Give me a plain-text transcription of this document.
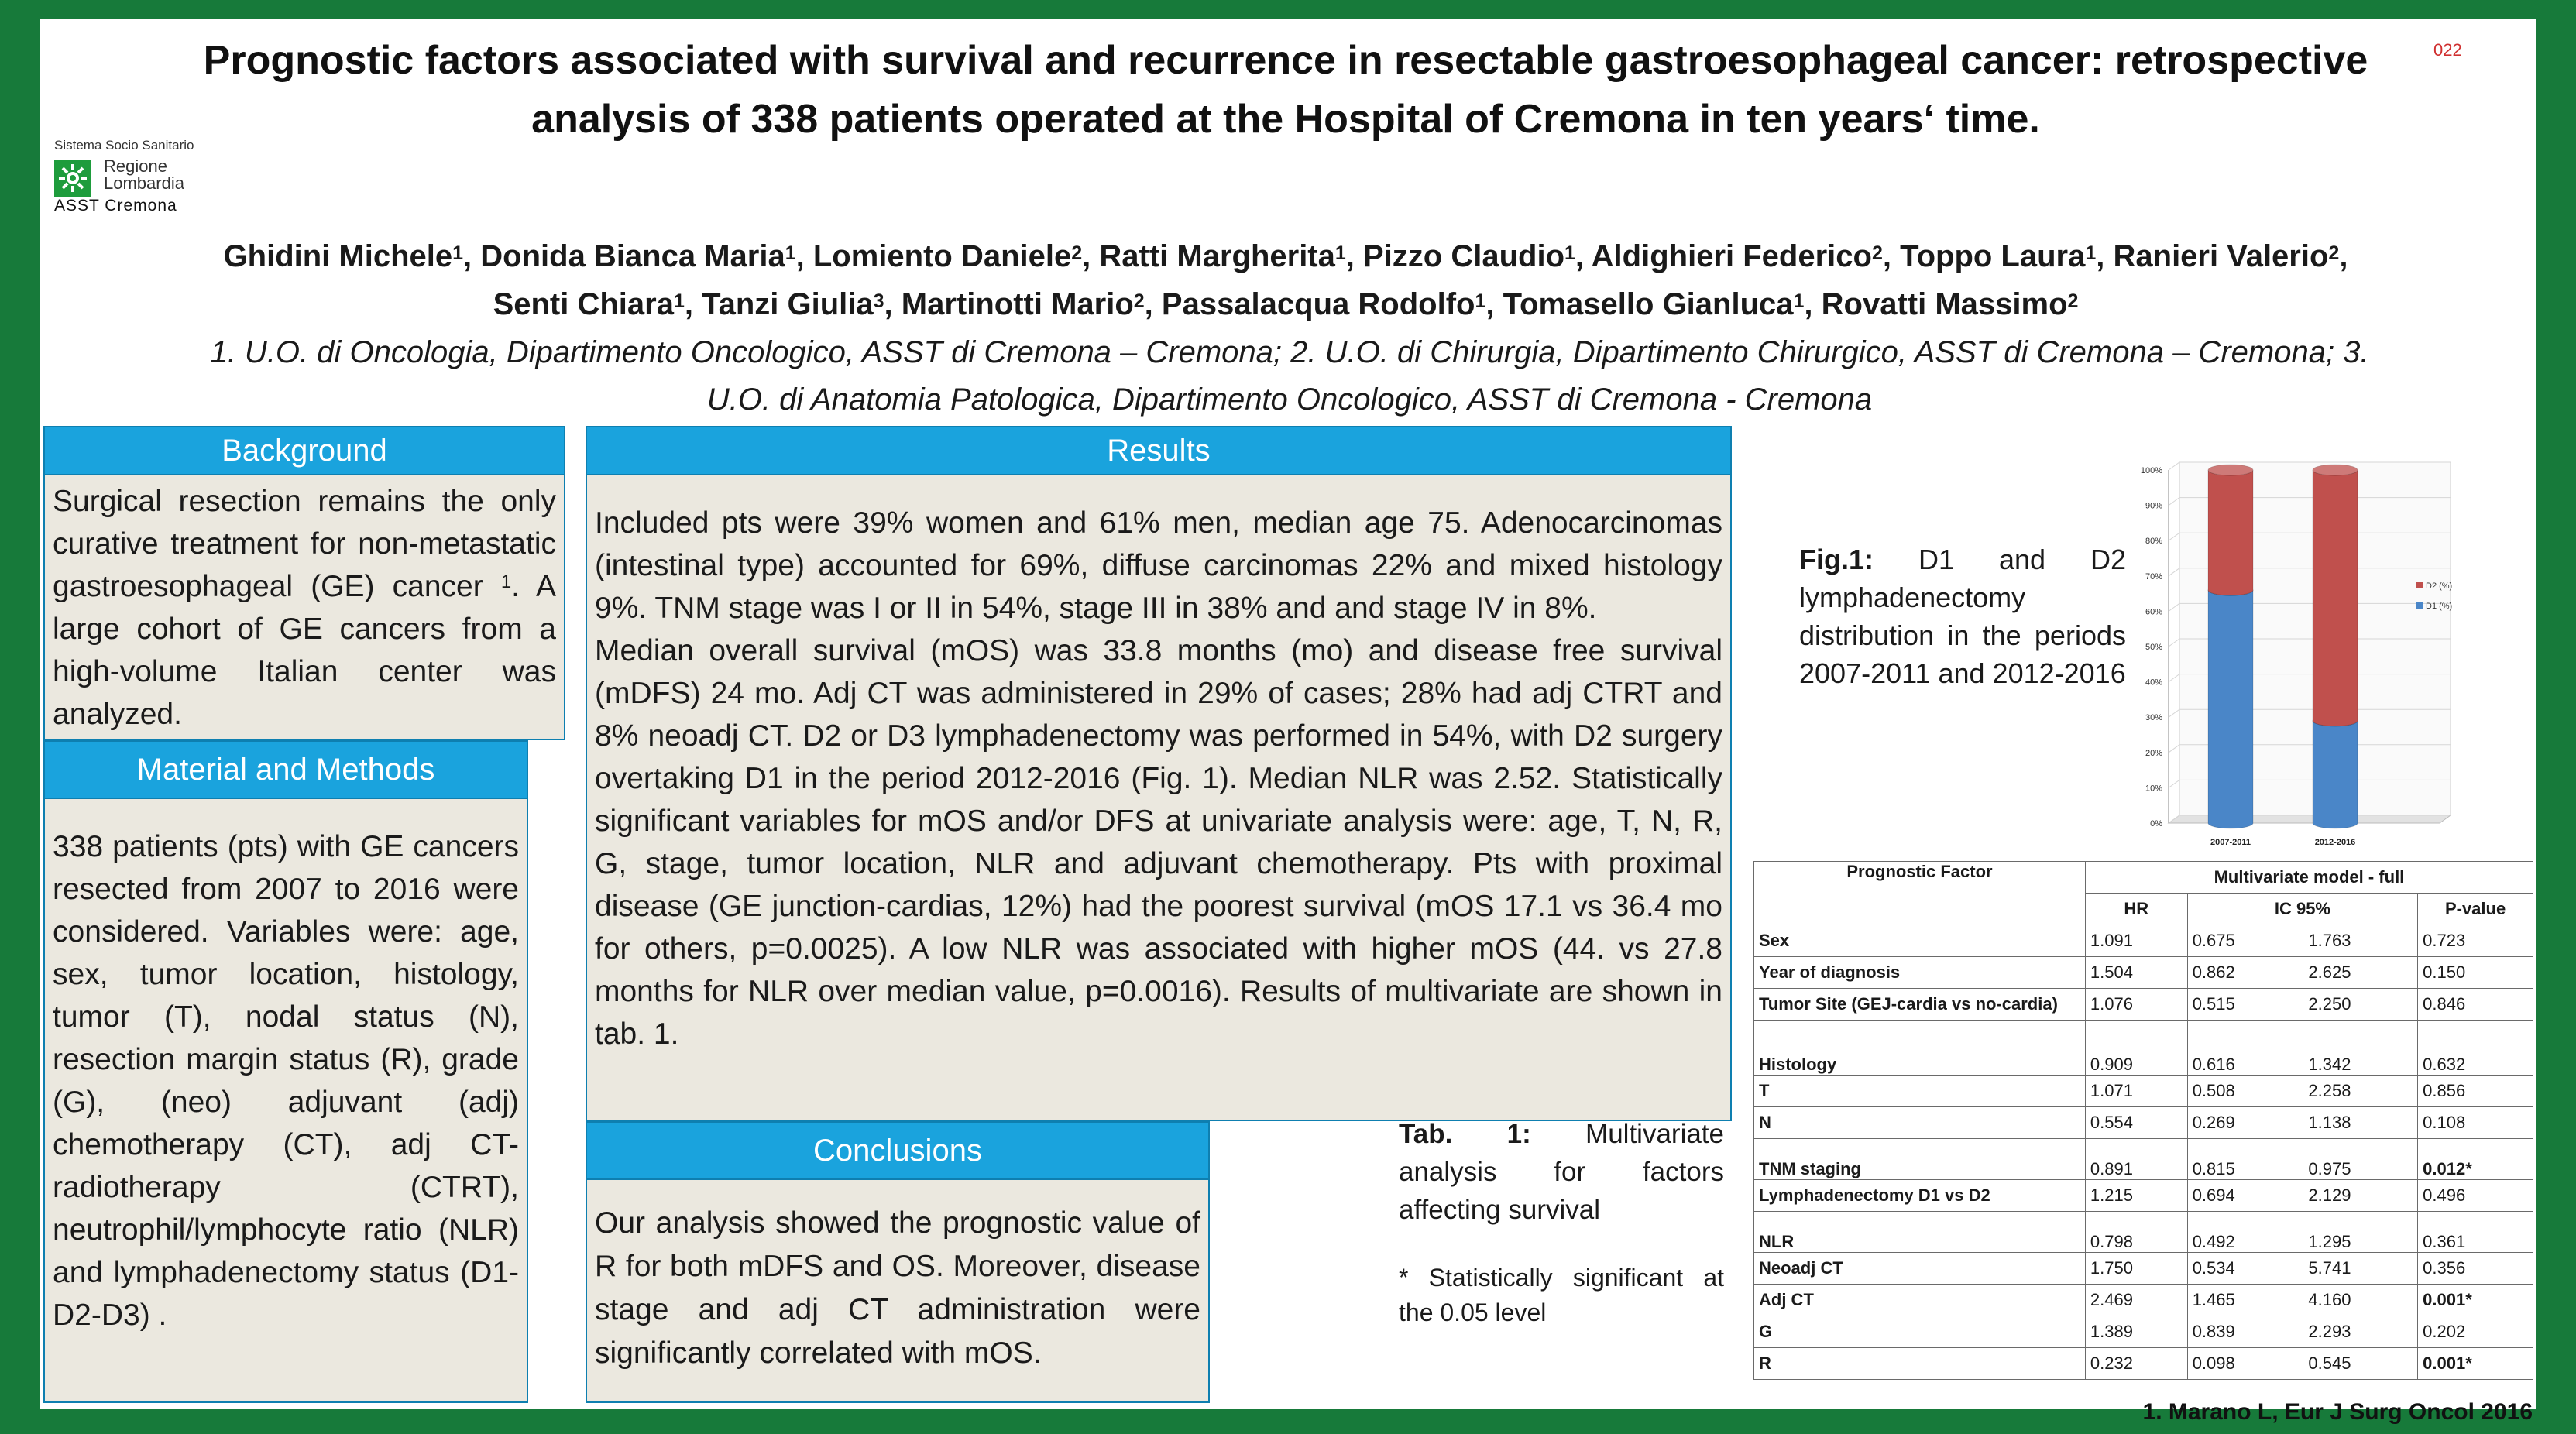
Prognostic factors associated with survival and recurrence in resectable gastroesophageal cancer: retrospective analysis of 338 patients operated at the Hospital of Cremona in ten years‘ time.
022
Sistema Socio Sanitario
Regione
Lombardia
ASST Cremona
Ghidini Michele$^1$, Donida Bianca Maria$^1$, Lomiento Daniele$^2$, Ratti Margherita$^1$, Pizzo Claudio$^1$, Aldighieri Federico$^2$, Toppo Laura$^1$, Ranieri Valerio$^2$,
Senti Chiara$^1$, Tanzi Giulia$^3$, Martinotti Mario$^2$, Passalacqua Rodolfo$^1$, Tomasello Gianluca$^1$, Rovatti Massimo$^2$
1. U.O. di Oncologia, Dipartimento Oncologico, ASST di Cremona – Cremona; 2. U.O. di Chirurgia, Dipartimento Chirurgico, ASST di Cremona – Cremona; 3. U.O. di Anatomia Patologica, Dipartimento Oncologico, ASST di Cremona - Cremona
Background

Surgical resection remains the only curative treatment for non-metastatic gastroesophageal (GE) cancer $^1$. A large cohort of GE cancers from a high-volume Italian center was analyzed.

Material and Methods

338 patients (pts) with GE cancers resected from 2007 to 2016 were considered. Variables were: age, sex, tumor location, histology, tumor (T), nodal status (N), resection margin status (R), grade (G), (neo) adjuvant (adj) chemotherapy (CT), adj CT-radiotherapy (CTRT), neutrophil/lymphocyte ratio (NLR) and lymphadenectomy status (D1-D2-D3) .

Results

Included pts were 39% women and 61% men, median age 75. Adenocarcinomas (intestinal type) accounted for 69%, diffuse carcinomas 22% and mixed histology 9%. TNM stage was I or II in 54%, stage III in 38% and and stage IV in 8%.

Median overall survival (mOS) was 33.8 months (mo) and disease free survival (mDFS) 24 mo. Adj CT was administered in 29% of cases; 28% had adj CTRT and 8% neoadj CT. D2 or D3 lymphadenectomy was performed in 54%, with D2 surgery overtaking D1 in the period 2012-2016 (Fig. 1). Median NLR was 2.52. Statistically significant variables for mOS and/or DFS at univariate analysis were: age, T, N, R, G, stage, tumor location, NLR and adjuvant chemotherapy. Pts with proximal disease (GE junction-cardias, 12%) had the poorest survival (mOS 17.1 vs 36.4 mo for others, p=0.0025). A low NLR was associated with higher mOS (44. vs 27.8 months for NLR over median value, p=0.0016). Results of multivariate are shown in tab. 1.

Conclusions

Our analysis showed the prognostic value of R for both mDFS and OS. Moreover, disease stage and adj CT administration were significantly correlated with mOS.

Fig.1: D1 and D2 lymphadenectomy distribution in the periods 2007-2011 and 2012-2016
0%
10%
20%
30%
40%
50%
60%
70%
80%
90%
100%
2007-2011	2012-2016
D2 (%)
D1 (%)
Tab. 1: Multivariate analysis for factors affecting survival
* Statistically significant at the 0.05 level
Prognostic Factor	Multivariate model - full			
	HR	IC 95%		P-value
Sex	1.091	0.675	1.763	0.723
Year of diagnosis	1.504	0.862	2.625	0.150
Tumor Site (GEJ-cardia vs no-cardia)	1.076	0.515	2.250	0.846
Histology	0.909	0.616	1.342	0.632
T	1.071	0.508	2.258	0.856
N	0.554	0.269	1.138	0.108
TNM staging	0.891	0.815	0.975	0.012*
Lymphadenectomy D1 vs D2	1.215	0.694	2.129	0.496
NLR	0.798	0.492	1.295	0.361
Neoadj CT	1.750	0.534	5.741	0.356
Adj CT	2.469	1.465	4.160	0.001*
G	1.389	0.839	2.293	0.202
R	0.232	0.098	0.545	0.001*
1. Marano L, Eur J Surg Oncol 2016
